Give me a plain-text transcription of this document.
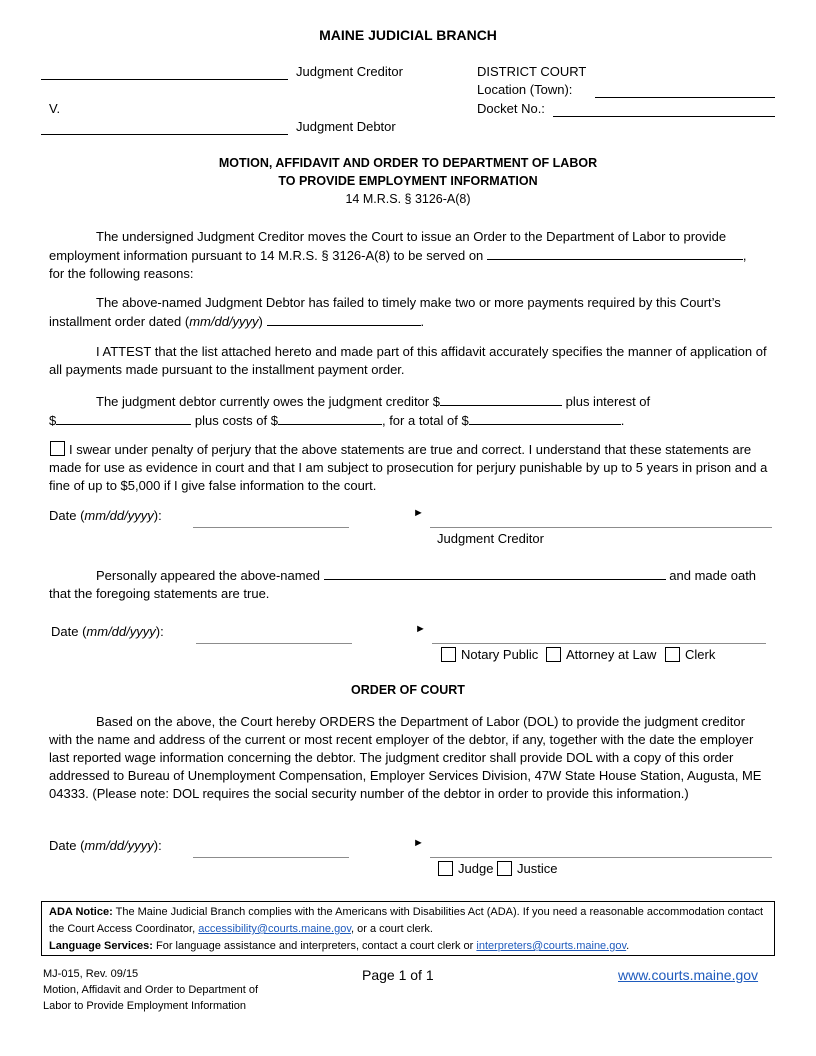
MAINE JUDICIAL BRANCH
Judgment Creditor
V.
Judgment Debtor
DISTRICT COURT
Location (Town):
Docket No.:
MOTION, AFFIDAVIT AND ORDER TO DEPARTMENT OF LABOR
TO PROVIDE EMPLOYMENT INFORMATION
14 M.R.S. § 3126-A(8)
The undersigned Judgment Creditor moves the Court to issue an Order to the Department of Labor to provide employment information pursuant to 14 M.R.S. § 3126-A(8) to be served on	,
for the following reasons:
The above-named Judgment Debtor has failed to timely make two or more payments required by this Court’s installment order dated (mm/dd/yyyy)	.
I ATTEST that the list attached hereto and made part of this affidavit accurately specifies the manner of application of all payments made pursuant to the installment payment order.
The judgment debtor currently owes the judgment creditor $	plus interest of
$	plus costs of $	, for a total of $	.
I swear under penalty of perjury that the above statements are true and correct. I understand that these statements are made for use as evidence in court and that I am subject to prosecution for perjury punishable by up to 5 years in prison and a fine of up to $5,000 if I give false information to the court.
Date (mm/dd/yyyy):	►
Judgment Creditor
Personally appeared the above-named	and made oath
that the foregoing statements are true.
Date (mm/dd/yyyy):	►
Notary Public Attorney at Law Clerk
ORDER OF COURT
Based on the above, the Court hereby ORDERS the Department of Labor (DOL) to provide the judgment creditor with the name and address of the current or most recent employer of the debtor, if any, together with the date the employer last reported wage information concerning the debtor. The judgment creditor shall provide DOL with a copy of this order addressed to Bureau of Unemployment Compensation, Employer Services Division, 47W State House Station, Augusta, ME 04333. (Please note: DOL requires the social security number of the debtor in order to provide this information.)
Date (mm/dd/yyyy):	►
Judge Justice
ADA Notice: The Maine Judicial Branch complies with the Americans with Disabilities Act (ADA). If you need a reasonable accommodation contact the Court Access Coordinator, accessibility@courts.maine.gov, or a court clerk.
Language Services: For language assistance and interpreters, contact a court clerk or interpreters@courts.maine.gov.
MJ-015, Rev. 09/15
Motion, Affidavit and Order to Department of
Labor to Provide Employment Information
Page 1 of 1	www.courts.maine.gov
